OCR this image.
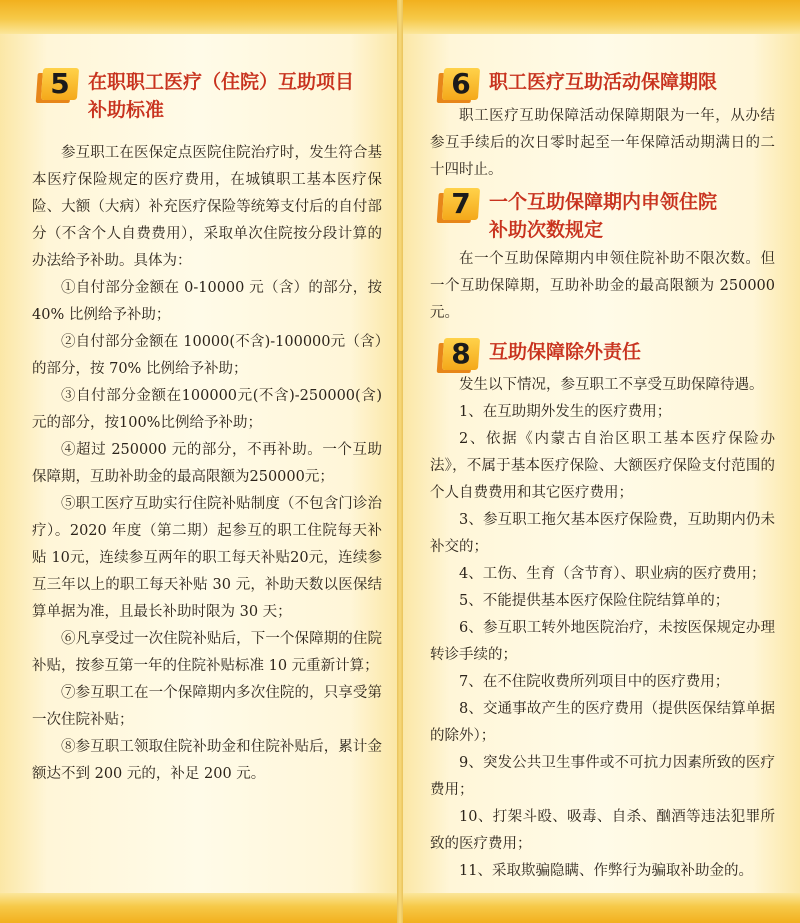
5 在职职工医疗（住院）互助项目
补助标准
参互职工在医保定点医院住院治疗时，发生符合基本医疗保险规定的医疗费用，在城镇职工基本医疗保险、大额（大病）补充医疗保险等统筹支付后的自付部分（不含个人自费费用），采取单次住院按分段计算的办法给予补助。具体为：
①自付部分金额在 0-10000 元（含）的部分，按 40% 比例给予补助；
②自付部分金额在 10000(不含)-100000元（含）的部分，按 70% 比例给予补助；
③自付部分金额在100000元(不含)-250000(含)元的部分，按100%比例给予补助；
④超过 250000 元的部分，不再补助。一个互助保障期，互助补助金的最高限额为250000元；
⑤职工医疗互助实行住院补贴制度（不包含门诊治疗）。2020 年度（第二期）起参互的职工住院每天补贴 10元，连续参互两年的职工每天补贴20元，连续参互三年以上的职工每天补贴 30 元，补助天数以医保结算单据为准，且最长补助时限为 30 天；
⑥凡享受过一次住院补贴后，下一个保障期的住院补贴，按参互第一年的住院补贴标准 10 元重新计算；
⑦参互职工在一个保障期内多次住院的，只享受第一次住院补贴；
⑧参互职工领取住院补助金和住院补贴后，累计金额达不到 200 元的，补足 200 元。
6 职工医疗互助活动保障期限
职工医疗互助保障活动保障期限为一年，从办结参互手续后的次日零时起至一年保障活动期满日的二十四时止。
7 一个互助保障期内申领住院
补助次数规定
在一个互助保障期内申领住院补助不限次数。但一个互助保障期，互助补助金的最高限额为 250000 元。
8 互助保障除外责任
发生以下情况，参互职工不享受互助保障待遇。
1、在互助期外发生的医疗费用；
2、依据《内蒙古自治区职工基本医疗保险办法》，不属于基本医疗保险、大额医疗保险支付范围的个人自费费用和其它医疗费用；
3、参互职工拖欠基本医疗保险费，互助期内仍未补交的；
4、工伤、生育（含节育）、职业病的医疗费用；
5、不能提供基本医疗保险住院结算单的；
6、参互职工转外地医院治疗，未按医保规定办理转诊手续的；
7、在不住院收费所列项目中的医疗费用；
8、交通事故产生的医疗费用（提供医保结算单据的除外）；
9、突发公共卫生事件或不可抗力因素所致的医疗费用；
10、打架斗殴、吸毒、自杀、酗酒等违法犯罪所致的医疗费用；
11、采取欺骗隐瞒、作弊行为骗取补助金的。
